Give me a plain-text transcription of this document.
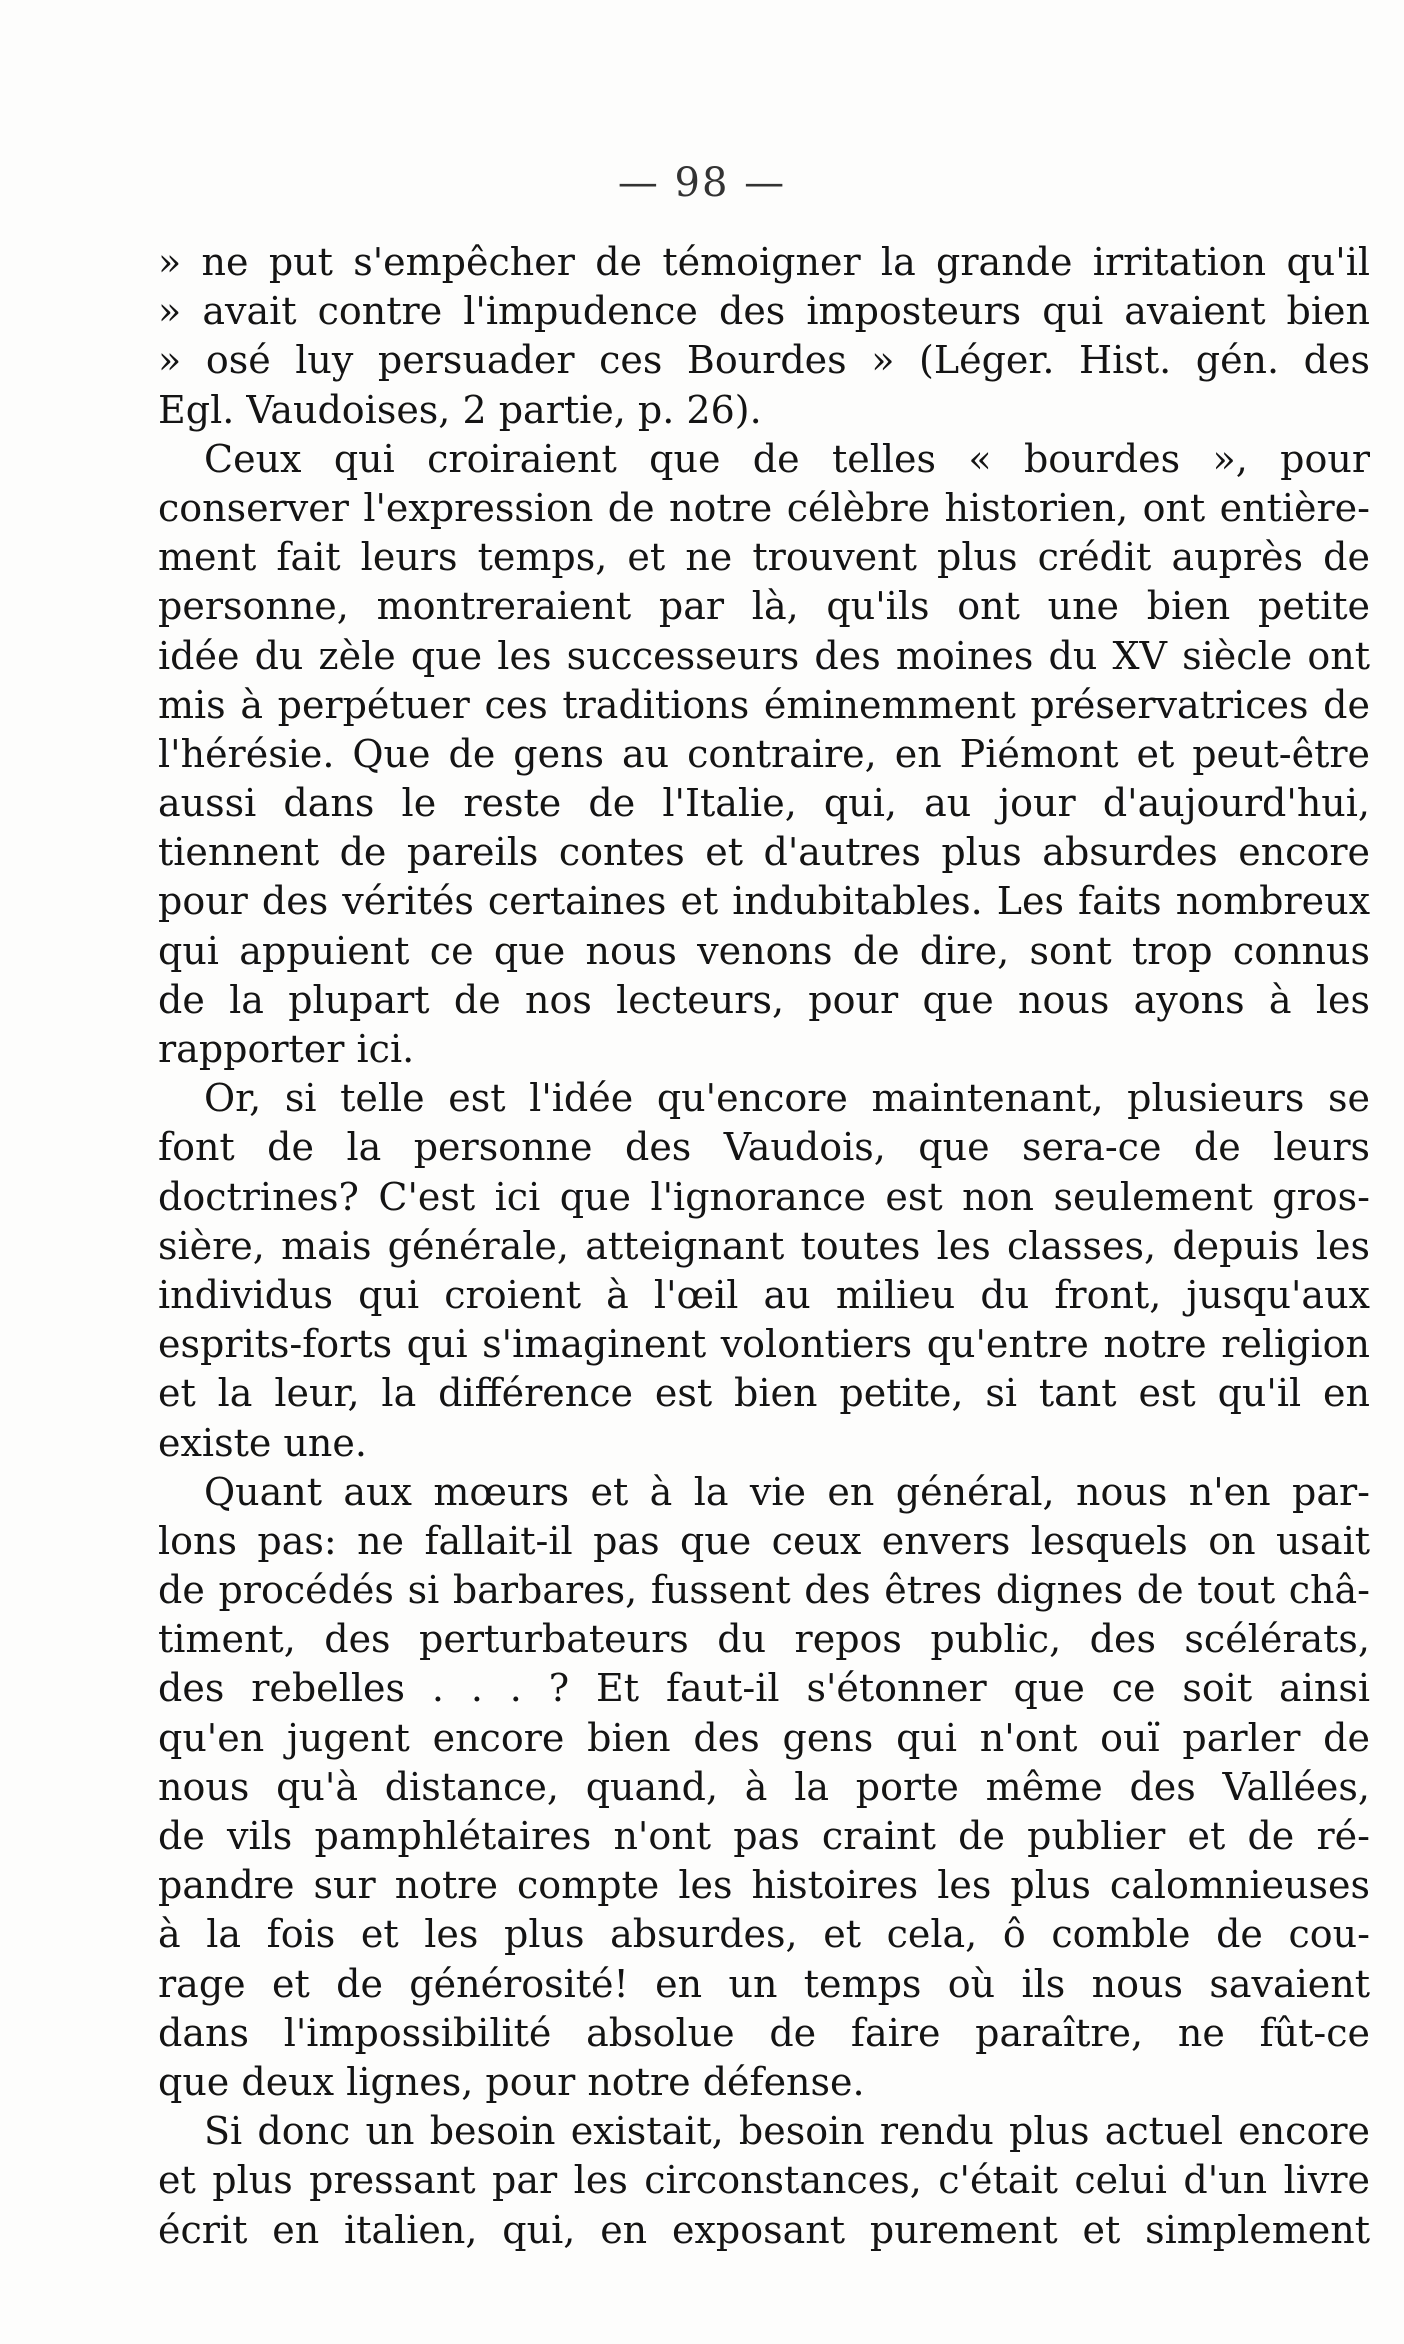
— 98 —
» ne put s'empêcher de témoigner la grande irritation qu'il
» avait contre l'impudence des imposteurs qui avaient bien
» osé luy persuader ces Bourdes » (Léger. Hist. gén. des
Egl. Vaudoises, 2 partie, p. 26).
Ceux qui croiraient que de telles « bourdes », pour
conserver l'expression de notre célèbre historien, ont entière-
ment fait leurs temps, et ne trouvent plus crédit auprès de
personne, montreraient par là, qu'ils ont une bien petite
idée du zèle que les successeurs des moines du XV siècle ont
mis à perpétuer ces traditions éminemment préservatrices de
l'hérésie. Que de gens au contraire, en Piémont et peut-être
aussi dans le reste de l'Italie, qui, au jour d'aujourd'hui,
tiennent de pareils contes et d'autres plus absurdes encore
pour des vérités certaines et indubitables. Les faits nombreux
qui appuient ce que nous venons de dire, sont trop connus
de la plupart de nos lecteurs, pour que nous ayons à les
rapporter ici.
Or, si telle est l'idée qu'encore maintenant, plusieurs se
font de la personne des Vaudois, que sera-ce de leurs
doctrines? C'est ici que l'ignorance est non seulement gros-
sière, mais générale, atteignant toutes les classes, depuis les
individus qui croient à l'œil au milieu du front, jusqu'aux
esprits-forts qui s'imaginent volontiers qu'entre notre religion
et la leur, la différence est bien petite, si tant est qu'il en
existe une.
Quant aux mœurs et à la vie en général, nous n'en par-
lons pas: ne fallait-il pas que ceux envers lesquels on usait
de procédés si barbares, fussent des êtres dignes de tout châ-
timent, des perturbateurs du repos public, des scélérats,
des rebelles . . . ? Et faut-il s'étonner que ce soit ainsi
qu'en jugent encore bien des gens qui n'ont ouï parler de
nous qu'à distance, quand, à la porte même des Vallées,
de vils pamphlétaires n'ont pas craint de publier et de ré-
pandre sur notre compte les histoires les plus calomnieuses
à la fois et les plus absurdes, et cela, ô comble de cou-
rage et de générosité! en un temps où ils nous savaient
dans l'impossibilité absolue de faire paraître, ne fût-ce
que deux lignes, pour notre défense.
Si donc un besoin existait, besoin rendu plus actuel encore
et plus pressant par les circonstances, c'était celui d'un livre
écrit en italien, qui, en exposant purement et simplement
